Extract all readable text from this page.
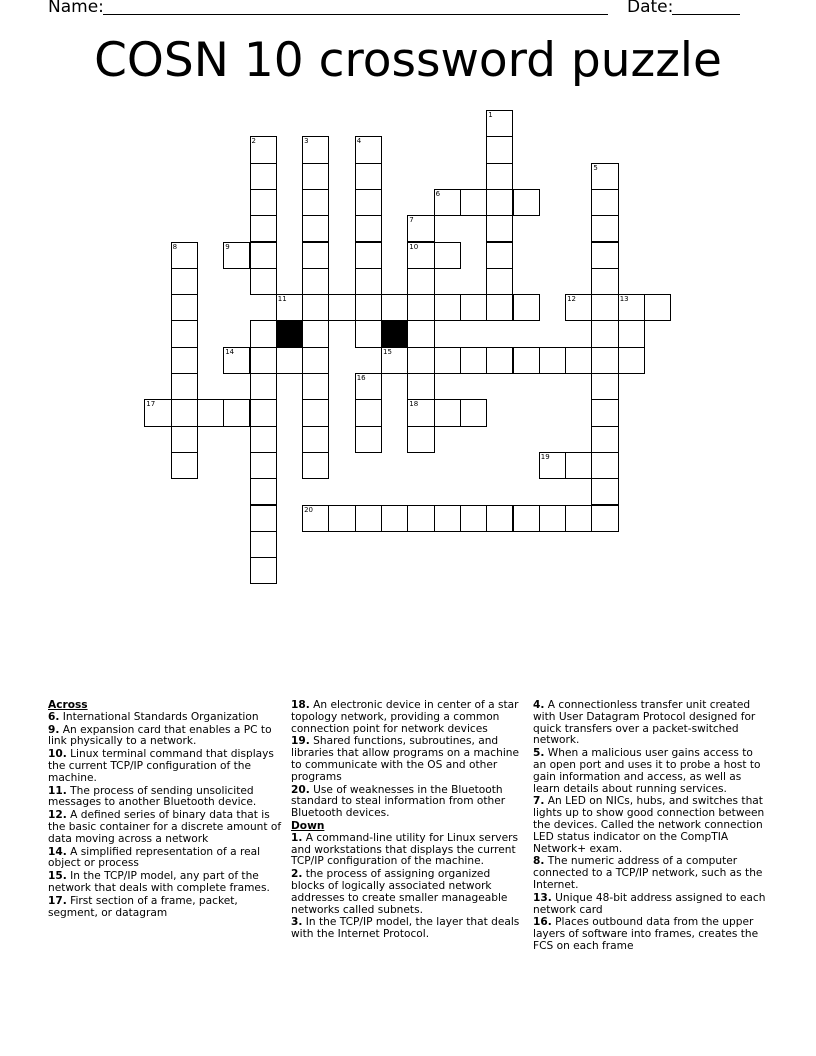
Name:	Date:
COSN 10 crossword puzzle
1
2	3	4
5
6
7
8	9	10
11	12	13
14	15
16
17	18
19
20
Across
6. International Standards Organization
9. An expansion card that enables a PC to link physically to a network.
10. Linux terminal command that displays the current TCP/IP configuration of the machine.
11. The process of sending unsolicited messages to another Bluetooth device.
12. A defined series of binary data that is the basic container for a discrete amount of data moving across a network
14. A simplified representation of a real object or process
15. In the TCP/IP model, any part of the network that deals with complete frames.
17. First section of a frame, packet, segment, or datagram
18. An electronic device in center of a star topology network, providing a common connection point for network devices
19. Shared functions, subroutines, and libraries that allow programs on a machine to communicate with the OS and other programs
20. Use of weaknesses in the Bluetooth standard to steal information from other Bluetooth devices.
Down
1. A command-line utility for Linux servers and workstations that displays the current TCP/IP configuration of the machine.
2. the process of assigning organized blocks of logically associated network addresses to create smaller manageable networks called subnets.
3. In the TCP/IP model, the layer that deals with the Internet Protocol.
4. A connectionless transfer unit created with User Datagram Protocol designed for quick transfers over a packet-switched network.
5. When a malicious user gains access to an open port and uses it to probe a host to gain information and access, as well as learn details about running services.
7. An LED on NICs, hubs, and switches that lights up to show good connection between the devices. Called the network connection LED status indicator on the CompTIA Network+ exam.
8. The numeric address of a computer connected to a TCP/IP network, such as the Internet.
13. Unique 48-bit address assigned to each network card
16. Places outbound data from the upper layers of software into frames, creates the FCS on each frame
